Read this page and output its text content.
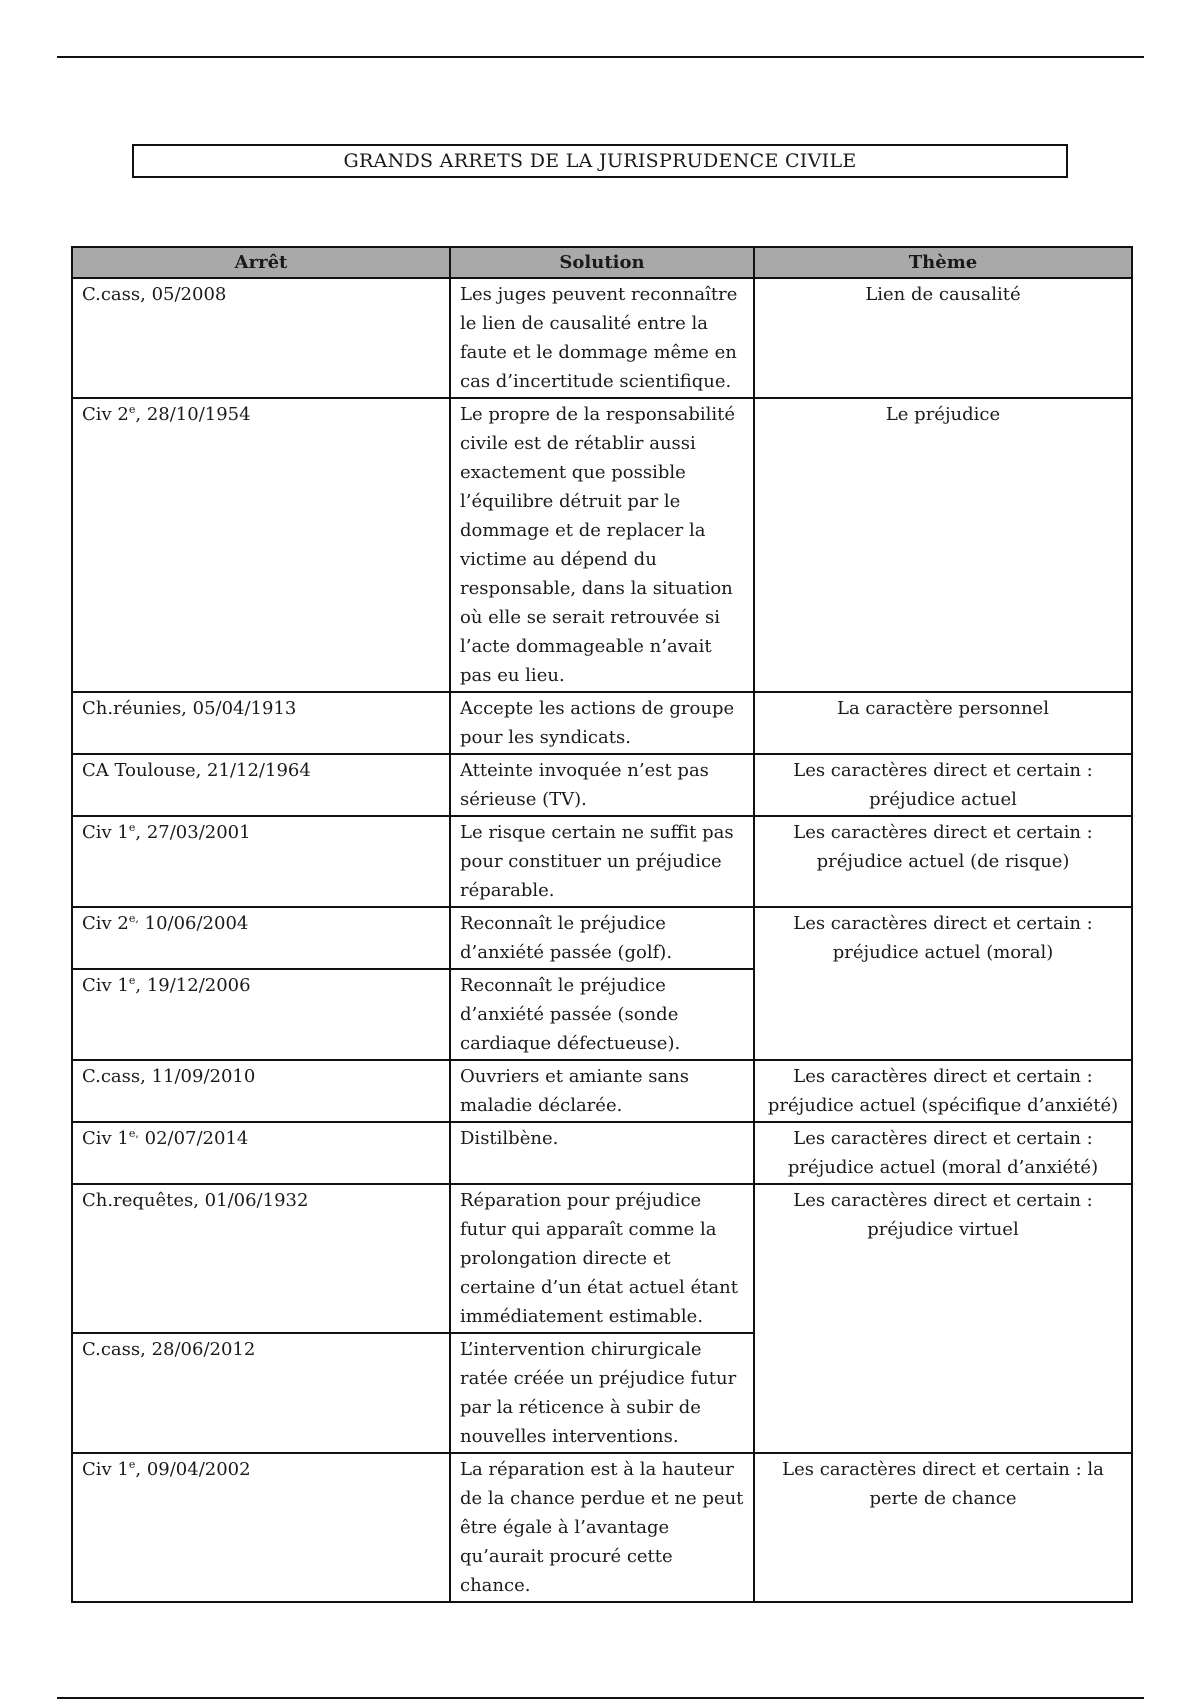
GRANDS ARRETS DE LA JURISPRUDENCE CIVILE
Arrêt	Solution	Thème
C.cass, 05/2008	Les juges peuvent reconnaître le lien de causalité entre la faute et le dommage même en cas d’incertitude scientifique.	Lien de causalité
Civ 2e, 28/10/1954	Le propre de la responsabilité civile est de rétablir aussi exactement que possible l’équilibre détruit par le dommage et de replacer la victime au dépend du responsable, dans la situation où elle se serait retrouvée si l’acte dommageable n’avait pas eu lieu.	Le préjudice
Ch.réunies, 05/04/1913	Accepte les actions de groupe pour les syndicats.	La caractère personnel
CA Toulouse, 21/12/1964	Atteinte invoquée n’est pas sérieuse (TV).	Les caractères direct et certain : préjudice actuel
Civ 1e, 27/03/2001	Le risque certain ne suffit pas pour constituer un préjudice réparable.	Les caractères direct et certain : préjudice actuel (de risque)
Civ $2^{e,}$ 10/06/2004	Reconnaît le préjudice d’anxiété passée (golf).	Les caractères direct et certain : préjudice actuel (moral)
Civ 1e, 19/12/2006	Reconnaît le préjudice d’anxiété passée (sonde cardiaque défectueuse).	
C.cass, 11/09/2010	Ouvriers et amiante sans maladie déclarée.	Les caractères direct et certain : préjudice actuel (spécifique d’anxiété)
Civ $1^{e,}$ 02/07/2014	Distilbène.	Les caractères direct et certain : préjudice actuel (moral d’anxiété)
Ch.requêtes, 01/06/1932	Réparation pour préjudice futur qui apparaît comme la prolongation directe et certaine d’un état actuel étant immédiatement estimable.	Les caractères direct et certain : préjudice virtuel
C.cass, 28/06/2012	L’intervention chirurgicale ratée créée un préjudice futur par la réticence à subir de nouvelles interventions.	
Civ 1e, 09/04/2002	La réparation est à la hauteur de la chance perdue et ne peut être égale à l’avantage qu’aurait procuré cette chance.	Les caractères direct et certain : la perte de chance
